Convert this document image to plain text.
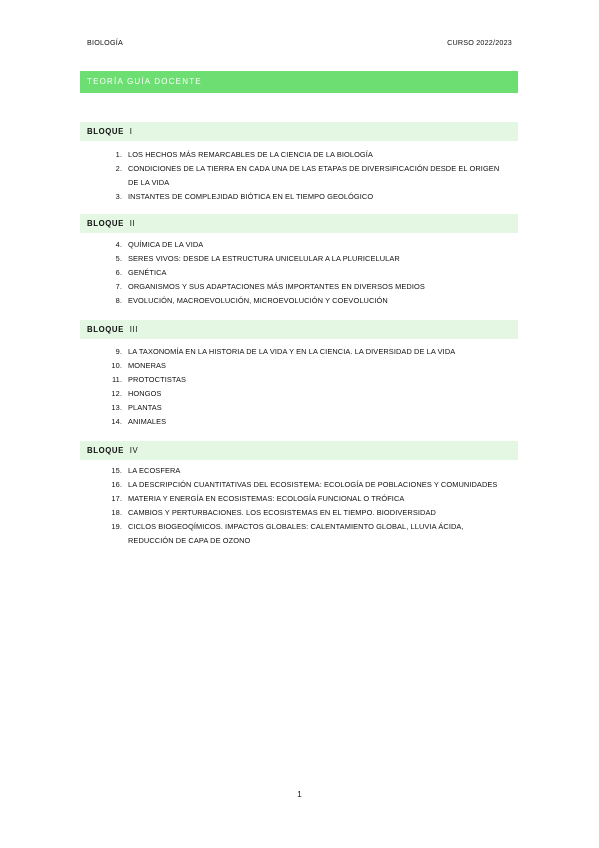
BIOLOGÍA	CURSO 2022/2023
TEORÍA GUÍA DOCENTE
BLOQUE I
1. LOS HECHOS MÁS REMARCABLES DE LA CIENCIA DE LA BIOLOGÍA
2. CONDICIONES DE LA TIERRA EN CADA UNA DE LAS ETAPAS DE DIVERSIFICACIÓN DESDE EL ORIGEN DE LA VIDA
3. INSTANTES DE COMPLEJIDAD BIÓTICA EN EL TIEMPO GEOLÓGICO
BLOQUE II
4. QUÍMICA DE LA VIDA
5. SERES VIVOS: DESDE LA ESTRUCTURA UNICELULAR A LA PLURICELULAR
6. GENÉTICA
7. ORGANISMOS Y SUS ADAPTACIONES MÁS IMPORTANTES EN DIVERSOS MEDIOS
8. EVOLUCIÓN, MACROEVOLUCIÓN, MICROEVOLUCIÓN Y COEVOLUCIÓN
BLOQUE III
9. LA TAXONOMÍA EN LA HISTORIA DE LA VIDA Y EN LA CIENCIA. LA DIVERSIDAD DE LA VIDA
10. MONERAS
11. PROTOCTISTAS
12. HONGOS
13. PLANTAS
14. ANIMALES
BLOQUE IV
15. LA ECOSFERA
16. LA DESCRIPCIÓN CUANTITATIVAS DEL ECOSISTEMA: ECOLOGÍA DE POBLACIONES Y COMUNIDADES
17. MATERIA Y ENERGÍA EN ECOSISTEMAS: ECOLOGÍA FUNCIONAL O TRÓFICA
18. CAMBIOS Y PERTURBACIONES. LOS ECOSISTEMAS EN EL TIEMPO. BIODIVERSIDAD
19. CICLOS BIOGEOQÍMICOS. IMPACTOS GLOBALES: CALENTAMIENTO GLOBAL, LLUVIA ÁCIDA, REDUCCIÓN DE CAPA DE OZONO
1
